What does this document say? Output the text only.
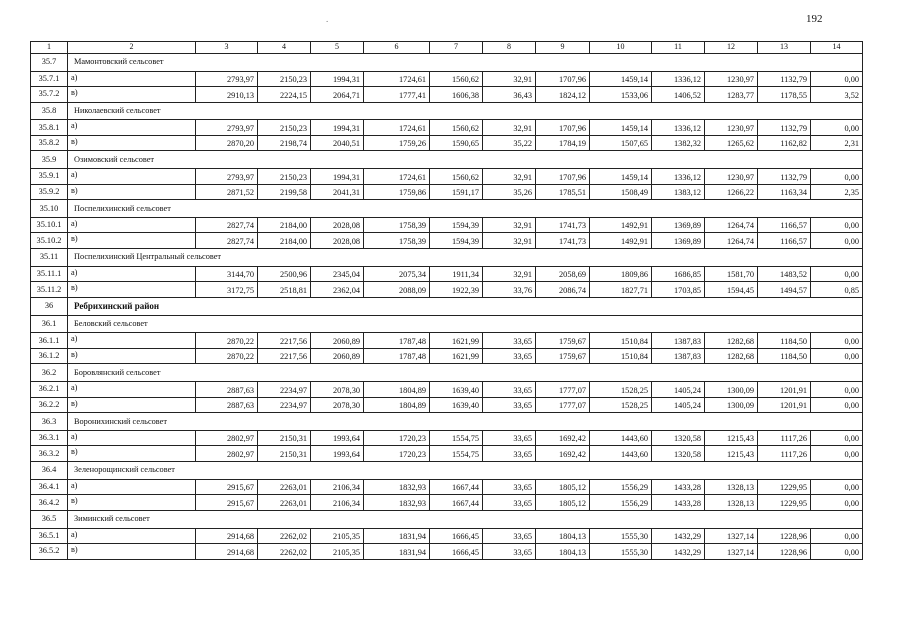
.	192
1	2	3	4	5	6	7	8	9	10	11	12	13	14
35.7	Мамонтовский сельсовет												
35.7.1	а)	2793,97	2150,23	1994,31	1724,61	1560,62	32,91	1707,96	1459,14	1336,12	1230,97	1132,79	0,00
35.7.2	в)	2910,13	2224,15	2064,71	1777,41	1606,38	36,43	1824,12	1533,06	1406,52	1283,77	1178,55	3,52
35.8	Николаевский сельсовет												
35.8.1	а)	2793,97	2150,23	1994,31	1724,61	1560,62	32,91	1707,96	1459,14	1336,12	1230,97	1132,79	0,00
35.8.2	в)	2870,20	2198,74	2040,51	1759,26	1590,65	35,22	1784,19	1507,65	1382,32	1265,62	1162,82	2,31
35.9	Озимовский сельсовет												
35.9.1	а)	2793,97	2150,23	1994,31	1724,61	1560,62	32,91	1707,96	1459,14	1336,12	1230,97	1132,79	0,00
35.9.2	в)	2871,52	2199,58	2041,31	1759,86	1591,17	35,26	1785,51	1508,49	1383,12	1266,22	1163,34	2,35
35.10	Поспелихинский сельсовет												
35.10.1	а)	2827,74	2184,00	2028,08	1758,39	1594,39	32,91	1741,73	1492,91	1369,89	1264,74	1166,57	0,00
35.10.2	в)	2827,74	2184,00	2028,08	1758,39	1594,39	32,91	1741,73	1492,91	1369,89	1264,74	1166,57	0,00
35.11	Поспелихинский Центральный сельсовет												
35.11.1	а)	3144,70	2500,96	2345,04	2075,34	1911,34	32,91	2058,69	1809,86	1686,85	1581,70	1483,52	0,00
35.11.2	в)	3172,75	2518,81	2362,04	2088,09	1922,39	33,76	2086,74	1827,71	1703,85	1594,45	1494,57	0,85
36	Ребрихинский район												
36.1	Беловский сельсовет												
36.1.1	а)	2870,22	2217,56	2060,89	1787,48	1621,99	33,65	1759,67	1510,84	1387,83	1282,68	1184,50	0,00
36.1.2	в)	2870,22	2217,56	2060,89	1787,48	1621,99	33,65	1759,67	1510,84	1387,83	1282,68	1184,50	0,00
36.2	Боровлянский сельсовет												
36.2.1	а)	2887,63	2234,97	2078,30	1804,89	1639,40	33,65	1777,07	1528,25	1405,24	1300,09	1201,91	0,00
36.2.2	в)	2887,63	2234,97	2078,30	1804,89	1639,40	33,65	1777,07	1528,25	1405,24	1300,09	1201,91	0,00
36.3	Воронихинский сельсовет												
36.3.1	а)	2802,97	2150,31	1993,64	1720,23	1554,75	33,65	1692,42	1443,60	1320,58	1215,43	1117,26	0,00
36.3.2	в)	2802,97	2150,31	1993,64	1720,23	1554,75	33,65	1692,42	1443,60	1320,58	1215,43	1117,26	0,00
36.4	Зеленорощинский сельсовет												
36.4.1	а)	2915,67	2263,01	2106,34	1832,93	1667,44	33,65	1805,12	1556,29	1433,28	1328,13	1229,95	0,00
36.4.2	в)	2915,67	2263,01	2106,34	1832,93	1667,44	33,65	1805,12	1556,29	1433,28	1328,13	1229,95	0,00
36.5	Зиминский сельсовет												
36.5.1	а)	2914,68	2262,02	2105,35	1831,94	1666,45	33,65	1804,13	1555,30	1432,29	1327,14	1228,96	0,00
36.5.2	в)	2914,68	2262,02	2105,35	1831,94	1666,45	33,65	1804,13	1555,30	1432,29	1327,14	1228,96	0,00
